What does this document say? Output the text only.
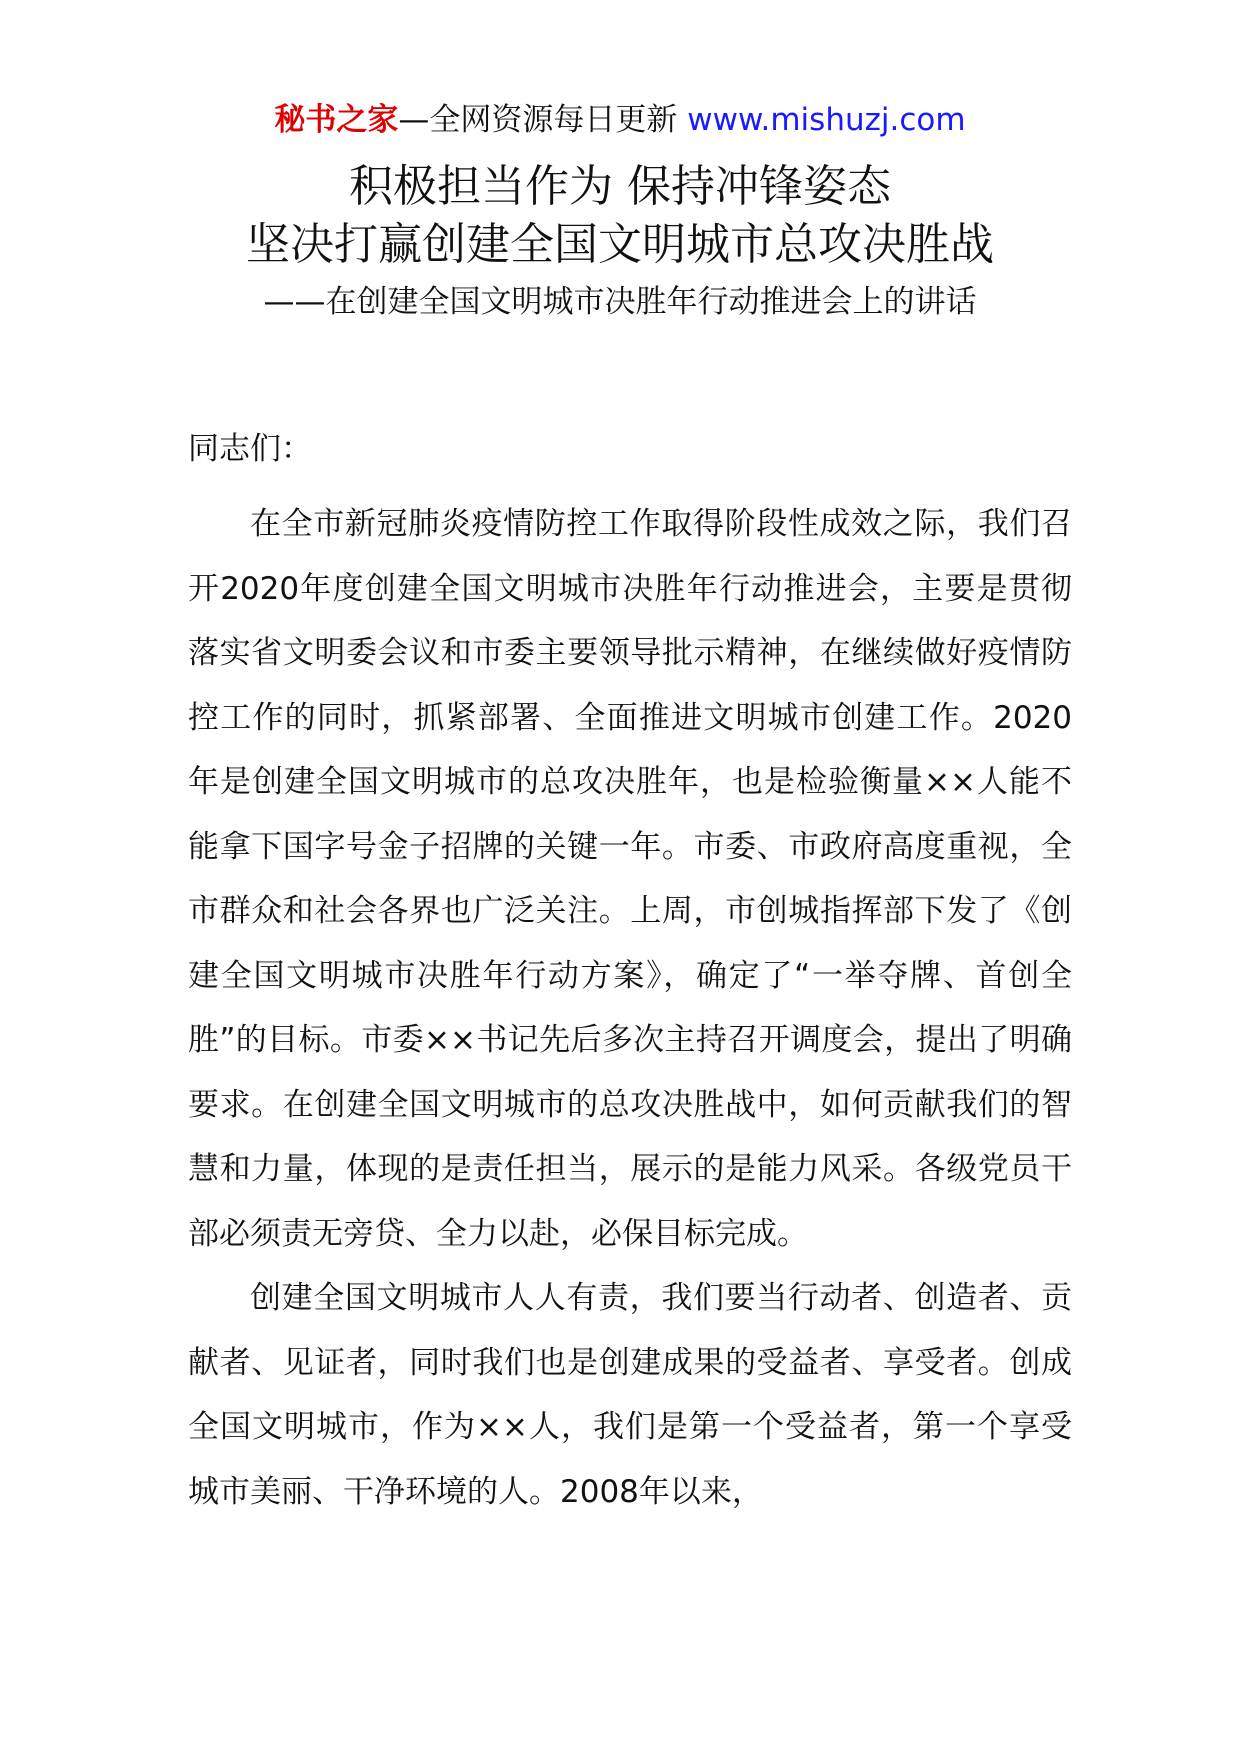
秘书之家—全网资源每日更新 www.mishuzj.com
积极担当作为 保持冲锋姿态
坚决打赢创建全国文明城市总攻决胜战
——在创建全国文明城市决胜年行动推进会上的讲话
同志们：

在全市新冠肺炎疫情防控工作取得阶段性成效之际，我们召开2020年度创建全国文明城市决胜年行动推进会，主要是贯彻落实省文明委会议和市委主要领导批示精神，在继续做好疫情防控工作的同时，抓紧部署、全面推进文明城市创建工作。2020年是创建全国文明城市的总攻决胜年，也是检验衡量××人能不能拿下国字号金子招牌的关键一年。市委、市政府高度重视，全市群众和社会各界也广泛关注。上周，市创城指挥部下发了《创建全国文明城市决胜年行动方案》，确定了“一举夺牌、首创全胜”的目标。市委××书记先后多次主持召开调度会，提出了明确要求。在创建全国文明城市的总攻决胜战中，如何贡献我们的智慧和力量，体现的是责任担当，展示的是能力风采。各级党员干部必须责无旁贷、全力以赴，必保目标完成。

创建全国文明城市人人有责，我们要当行动者、创造者、贡献者、见证者，同时我们也是创建成果的受益者、享受者。创成全国文明城市，作为××人，我们是第一个受益者，第一个享受城市美丽、干净环境的人。2008年以来，
